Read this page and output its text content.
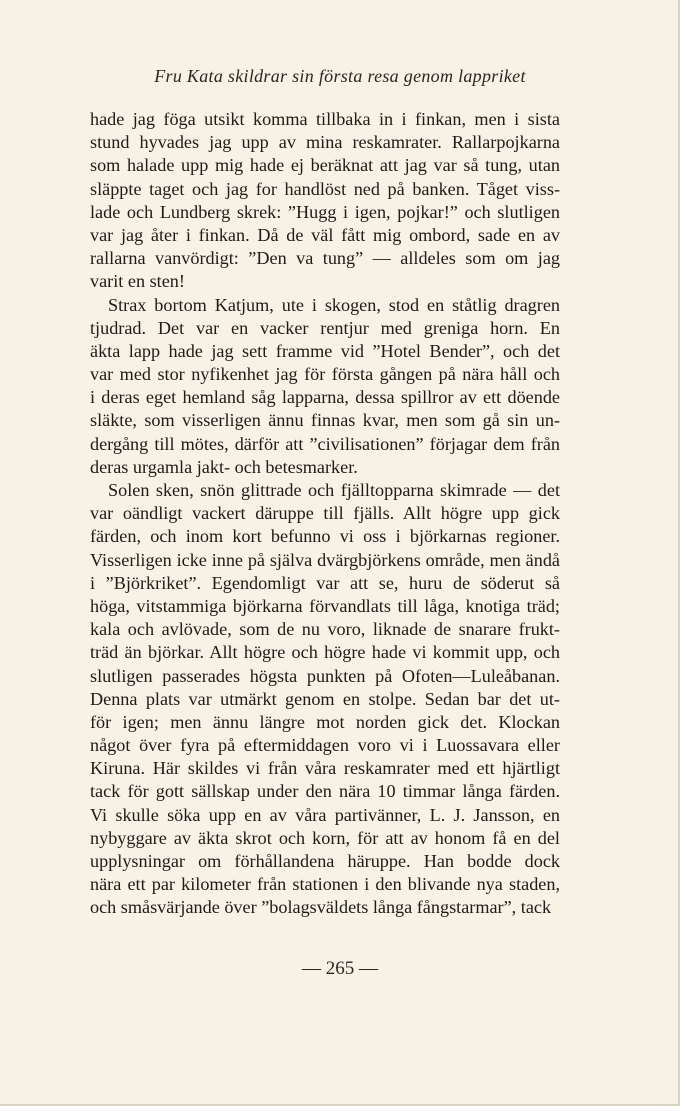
Fru Kata skildrar sin första resa genom lappriket
hade jag föga utsikt komma tillbaka in i finkan, men i sista
stund hyvades jag upp av mina reskamrater. Rallarpojkarna
som halade upp mig hade ej beräknat att jag var så tung, utan
släppte taget och jag for handlöst ned på banken. Tåget viss-
lade och Lundberg skrek: ”Hugg i igen, pojkar!” och slutligen
var jag åter i finkan. Då de väl fått mig ombord, sade en av
rallarna vanvördigt: ”Den va tung” — alldeles som om jag
varit en sten!
Strax bortom Katjum, ute i skogen, stod en ståtlig dragren
tjudrad. Det var en vacker rentjur med greniga horn. En
äkta lapp hade jag sett framme vid ”Hotel Bender”, och det
var med stor nyfikenhet jag för första gången på nära håll och
i deras eget hemland såg lapparna, dessa spillror av ett döende
släkte, som visserligen ännu finnas kvar, men som gå sin un-
dergång till mötes, därför att ”civilisationen” förjagar dem från
deras urgamla jakt- och betesmarker.
Solen sken, snön glittrade och fjälltopparna skimrade — det
var oändligt vackert däruppe till fjälls. Allt högre upp gick
färden, och inom kort befunno vi oss i björkarnas regioner.
Visserligen icke inne på själva dvärgbjörkens område, men ändå
i ”Björkriket”. Egendomligt var att se, huru de söderut så
höga, vitstammiga björkarna förvandlats till låga, knotiga träd;
kala och avlövade, som de nu voro, liknade de snarare frukt-
träd än björkar. Allt högre och högre hade vi kommit upp, och
slutligen passerades högsta punkten på Ofoten—Luleåbanan.
Denna plats var utmärkt genom en stolpe. Sedan bar det ut-
för igen; men ännu längre mot norden gick det. Klockan
något över fyra på eftermiddagen voro vi i Luossavara eller
Kiruna. Här skildes vi från våra reskamrater med ett hjärtligt
tack för gott sällskap under den nära 10 timmar långa färden.
Vi skulle söka upp en av våra partivänner, L. J. Jansson, en
nybyggare av äkta skrot och korn, för att av honom få en del
upplysningar om förhållandena häruppe. Han bodde dock
nära ett par kilometer från stationen i den blivande nya staden,
och småsvärjande över ”bolagsväldets långa fångstarmar”, tack
— 265 —
